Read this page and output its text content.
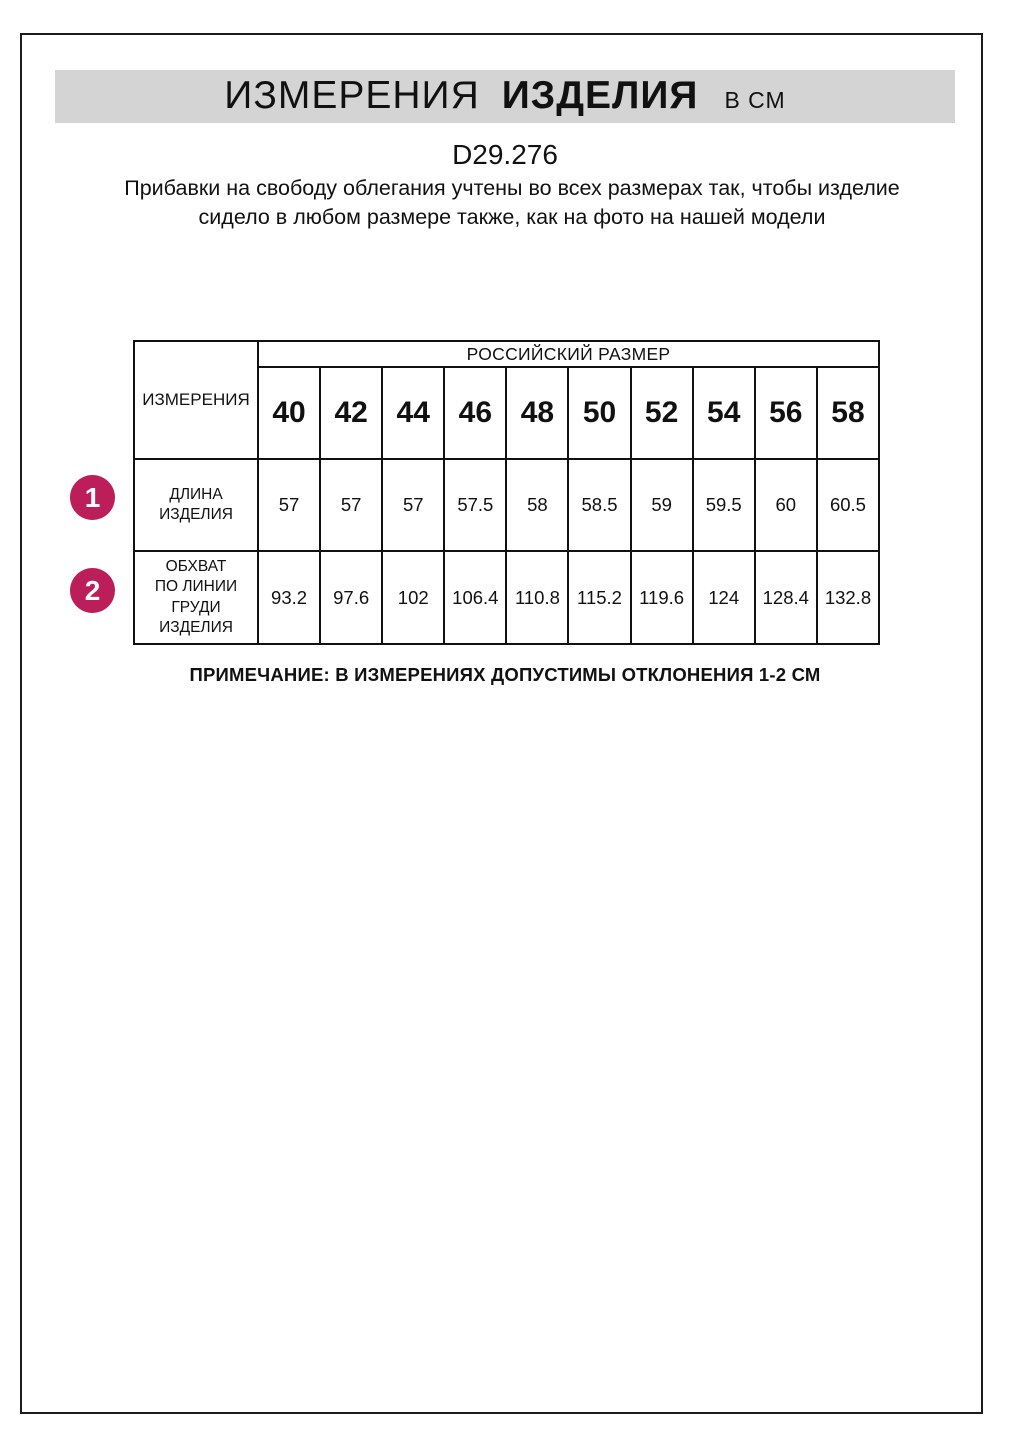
ИЗМЕРЕНИЯ ИЗДЕЛИЯ В СМ
D29.276
Прибавки на свободу облегания учтены во всех размерах так, чтобы изделие сидело в любом размере также, как на фото на нашей модели
ИЗМЕРЕНИЯ	РОССИЙСКИЙ РАЗМЕР									
	40	42	44	46	48	50	52	54	56	58
ДЛИНА ИЗДЕЛИЯ	57	57	57	57.5	58	58.5	59	59.5	60	60.5
ОБХВАТ ПО ЛИНИИ ГРУДИ ИЗДЕЛИЯ	93.2	97.6	102	106.4	110.8	115.2	119.6	124	128.4	132.8
1
2
ПРИМЕЧАНИЕ: В ИЗМЕРЕНИЯХ ДОПУСТИМЫ ОТКЛОНЕНИЯ 1-2 СМ
